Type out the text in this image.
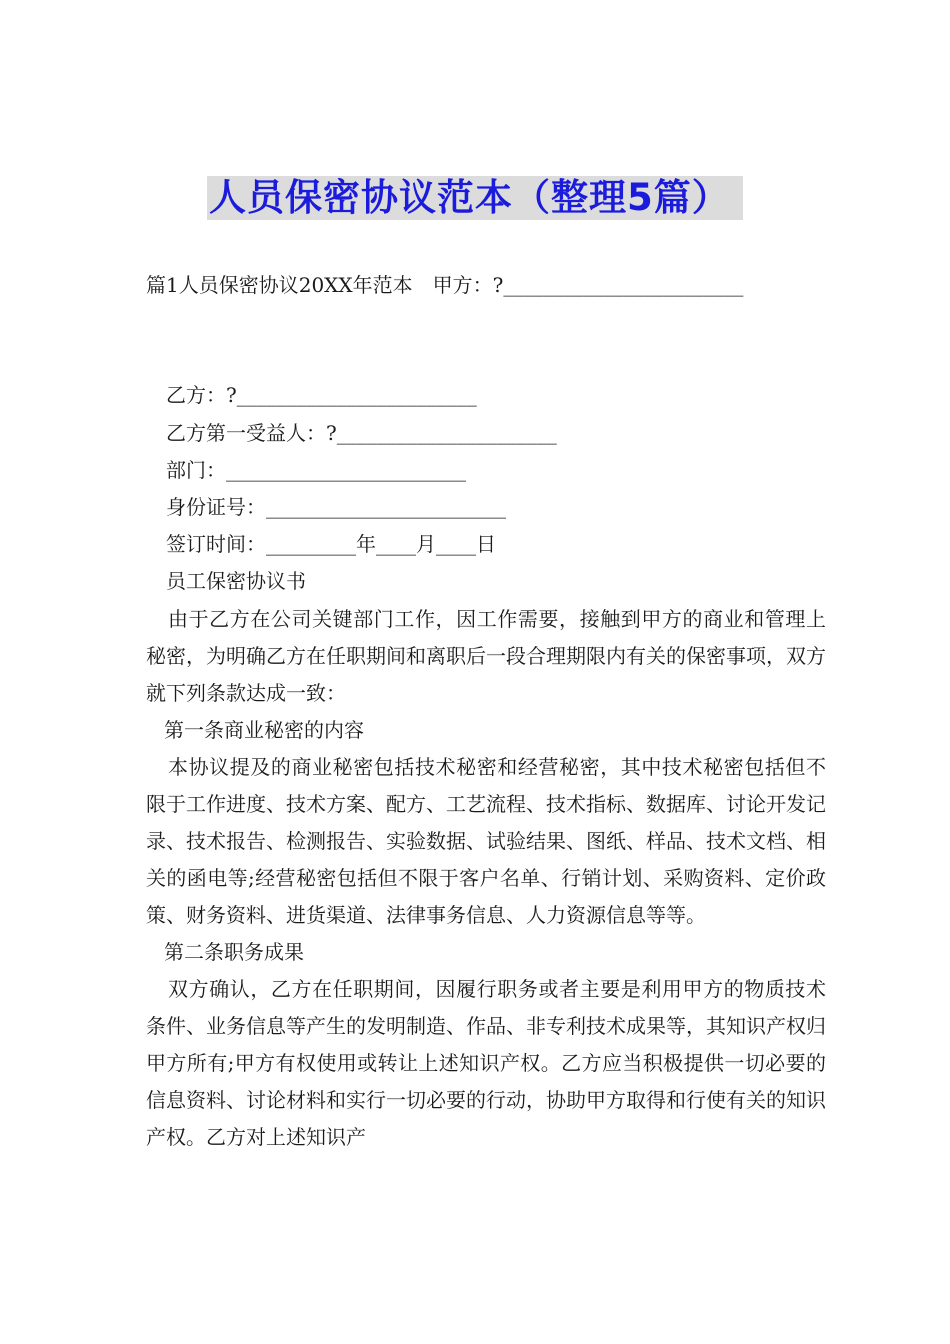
人员保密协议范本（整理5篇）
篇1人员保密协议20XX年范本　甲方：?________________________
乙方：?________________________
乙方第一受益人：?______________________
部门：________________________
身份证号：________________________
签订时间：_________年____月____日
员工保密协议书

由于乙方在公司关键部门工作，因工作需要，接触到甲方的商业和管理上秘密，为明确乙方在任职期间和离职后一段合理期限内有关的保密事项，双方就下列条款达成一致：

第一条商业秘密的内容

本协议提及的商业秘密包括技术秘密和经营秘密，其中技术秘密包括但不限于工作进度、技术方案、配方、工艺流程、技术指标、数据库、讨论开发记录、技术报告、检测报告、实验数据、试验结果、图纸、样品、技术文档、相关的函电等;经营秘密包括但不限于客户名单、行销计划、采购资料、定价政策、财务资料、进货渠道、法律事务信息、人力资源信息等等。

第二条职务成果

双方确认，乙方在任职期间，因履行职务或者主要是利用甲方的物质技术条件、业务信息等产生的发明制造、作品、非专利技术成果等，其知识产权归甲方所有;甲方有权使用或转让上述知识产权。乙方应当积极提供一切必要的信息资料、讨论材料和实行一切必要的行动，协助甲方取得和行使有关的知识产权。乙方对上述知识产
